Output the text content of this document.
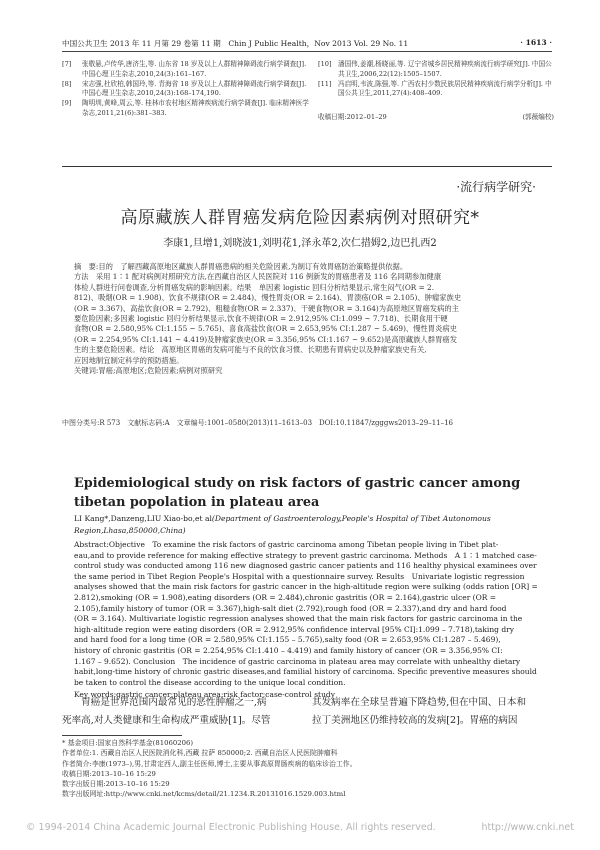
中国公共卫生 2013 年 11 月第 29 卷第 11 期　Chin J Public Health，Nov 2013 Vol. 29 No. 11	· 1613 ·
[7]	张敬悬,卢传华,唐济生,等. 山东省 18 岁及以上人群精神障碍流行病学调查[J]. 中国心理卫生杂志,2010,24(3):161–167.
[8]	宋志强,杜欣柏,韩国玲,等. 青海省 18 岁及以上人群精神障碍流行病学调查[J]. 中国心理卫生杂志,2010,24(3):168–174,190.
[9]	陶明圳,黄峰,周云,等. 桂林市农村地区精神疾病流行病学调查[J]. 临床精神医学杂志,2011,21(6):381–383.
[10] 潘国伟,姜潮,杨晓丽,等. 辽宁省城乡居民精神疾病流行病学研究[J]. 中国公共卫生,2006,22(12):1505–1507.
[11] 冯启明,韦波,陈强,等. 广西农村少数民族居民精神疾病流行病学分析[J]. 中国公共卫生,2011,27(4):408–409.
收稿日期:2012–01–29	(郭薇编校)
·流行病学研究·
高原藏族人群胃癌发病危险因素病例对照研究*
李康1,旦增1,刘晓波1,刘明花1,泽永革2,次仁措姆2,边巴扎西2
摘　要:目的　了解西藏高原地区藏族人群胃癌患病的相关危险因素,为制订有效胃癌防治策略提供依据。
方法　采用 1∶1 配对病例对照研究方法,在西藏自治区人民医院对 116 例新发的胃癌患者及 116 名同期参加健康
体检人群进行问卷调查,分析胃癌发病的影响因素。结果　单因素 logistic 回归分析结果显示,常生闷气(OR = 2.
812)、吸烟(OR = 1.908)、饮食不规律(OR = 2.484)、慢性胃炎(OR = 2.164)、胃溃疡(OR = 2.105)、肿瘤家族史
(OR = 3.367)、高盐饮食(OR = 2.792)、粗糙食物(OR = 2.337)、干硬食物(OR = 3.164)为高原地区胃癌发病的主
要危险因素;多因素 logistic 回归分析结果显示,饮食不规律(OR = 2.912,95% CI:1.099 ~ 7.718)、长期食用干硬
食物(OR = 2.580,95% CI:1.155 ~ 5.765)、喜食高盐饮食(OR = 2.653,95% CI:1.287 ~ 5.469)、慢性胃炎病史
(OR = 2.254,95% CI:1.141 ~ 4.419)及肿瘤家族史(OR = 3.356,95% CI:1.167 ~ 9.652)是高原藏族人群胃癌发
生的主要危险因素。结论　高原地区胃癌的发病可能与不良的饮食习惯、长期患有胃病史以及肿瘤家族史有关,
应因地制宜制定科学的预防措施。
关键词:胃癌;高原地区;危险因素;病例对照研究
中图分类号:R 573　文献标志码:A　文章编号:1001–0580(2013)11–1613–03　DOI:10.11847/zgggws2013–29–11–16
Epidemiological study on risk factors of gastric cancer among tibetan popolation in plateau area
LI Kang*,Danzeng,LIU Xiao-bo,et al(Department of Gastroenterology,People's Hospital of Tibet Autonomous Region,Lhasa,850000,China)
Abstract:Objective　To examine the risk factors of gastric carcinoma among Tibetan people living in Tibet plat-
eau,and to provide reference for making effective strategy to prevent gastric carcinoma. Methods　A 1∶1 matched case-
control study was conducted among 116 new diagnosed gastric cancer patients and 116 healthy physical examinees over
the same period in Tibet Region People's Hospital with a questionnaire survey. Results　Univariate logistic regression
analyses showed that the main risk factors for gastric cancer in the high-altitude region were sulking (odds ration [OR] =
2.812),smoking (OR = 1.908),eating disorders (OR = 2.484),chronic gastritis (OR = 2.164),gastric ulcer (OR =
2.105),family history of tumor (OR = 3.367),high-salt diet (2.792),rough food (OR = 2.337),and dry and hard food
(OR = 3.164). Multivariate logistic regression analyses showed that the main risk factors for gastric carcinoma in the
high-altitude region were eating disorders (OR = 2.912,95% confidence interval [95% CI]:1.099 – 7.718),taking dry
and hard food for a long time (OR = 2.580,95% CI:1.155 – 5.765),salty food (OR = 2.653,95% CI:1.287 – 5.469),
history of chronic gastritis (OR = 2.254,95% CI:1.410 – 4.419) and family history of cancer (OR = 3.356,95% CI:
1.167 – 9.652). Conclusion　The incidence of gastric carcinoma in plateau area may correlate with unhealthy dietary
habit,long-time history of chronic gastric diseases,and familial history of carcinoma. Specific preventive measures should
be taken to control the disease according to the unique local condition.
Key words:gastric cancer;plateau area;risk factor;case-control study
　　胃癌是世界范围内最常见的恶性肿瘤之一,病
死率高,对人类健康和生命构成严重威胁[1]。尽管
其发病率在全球呈普遍下降趋势,但在中国、日本和
拉丁美洲地区仍维持较高的发病[2]。胃癌的病因
* 基金项目:国家自然科学基金(81060206)
作者单位:1. 西藏自治区人民医院消化科,西藏 拉萨 850000;2. 西藏自治区人民医院肿瘤科
作者简介:李康(1973–),男,甘肃定西人,副主任医师,博士,主要从事高原胃肠疾病的临床诊治工作。
收稿日期:2013–10–16 15:29
数字出版日期:2013–10–16 15:29
数字出版网址:http://www.cnki.net/kcms/detail/21.1234.R.20131016.1529.003.html
© 1994-2014 China Academic Journal Electronic Publishing House. All rights reserved.	http://www.cnki.net
